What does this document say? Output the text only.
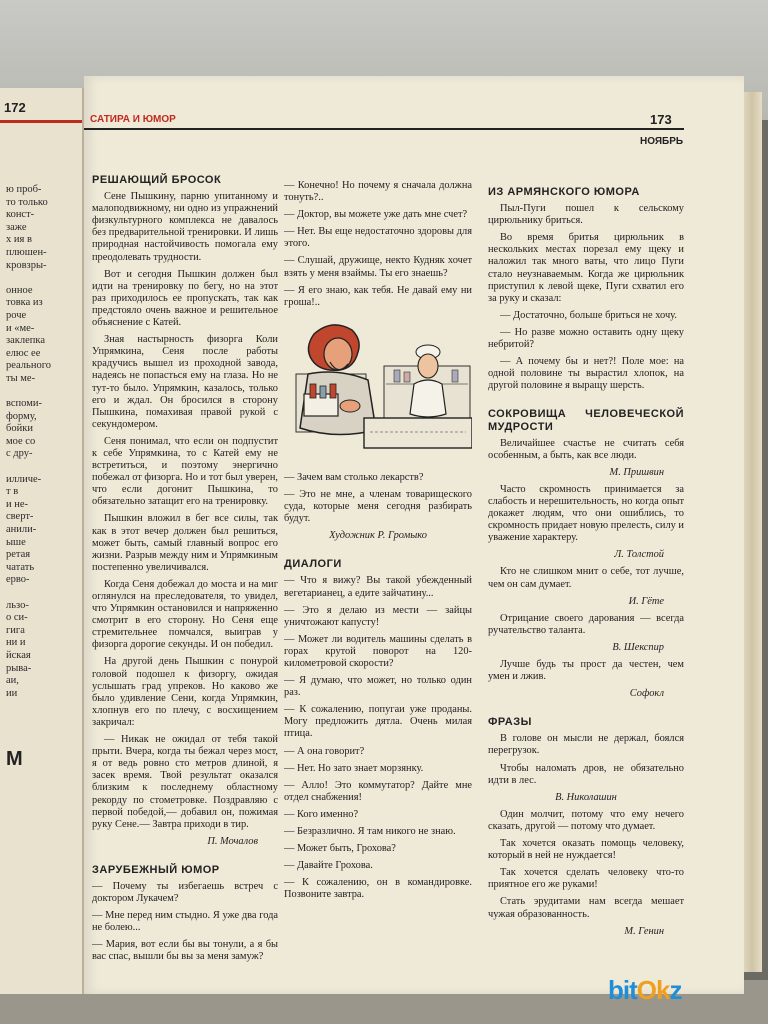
172
ю проб-
то только
конст-
заже
х ия в
плюшен-
кровзры-

онное
товка из
роче
и «ме-
заклепка
елюс ее
реального
ты ме-

вспоми-
форму,
бойки
мое со
с дру-

илличе-
т в
и не-
сверт-
анили-
ыше
ретая
чатать
ерво-

льзо-
о си-
гига
ни и
йская
рыва-
аи,
ии
М
САТИРА И ЮМОР	173
НОЯБРЬ

РЕШАЮЩИЙ БРОСОК

Сене Пышкину, парню упитанному и малоподвижному, ни одно из упражнений физкультурного комплекса не давалось без предварительной тренировки. И лишь природная настойчивость помогала ему преодолевать трудности.

Вот и сегодня Пышкин должен был идти на тренировку по бегу, но на этот раз приходилось ее пропускать, так как предстояло очень важное и решительное объяснение с Катей.

Зная настырность физорга Коли Упрямкина, Сеня после работы крадучись вышел из проходной завода, надеясь не попасться ему на глаза. Но не тут-то было. Упрямкин, казалось, только его и ждал. Он бросился в сторону Пышкина, помахивая правой рукой с секундомером.

Сеня понимал, что если он подпустит к себе Упрямкина, то с Катей ему не встретиться, и поэтому энергично побежал от физорга. Но и тот был уверен, что если догонит Пышкина, то обязательно затащит его на тренировку.

Пышкин вложил в бег все силы, так как в этот вечер должен был решиться, может быть, самый главный вопрос его жизни. Разрыв между ним и Упрямкиным постепенно увеличивался.

Когда Сеня добежал до моста и на миг оглянулся на преследователя, то увидел, что Упрямкин остановился и напряженно смотрит в его сторону. Но Сеня еще стремительнее помчался, выиграв у физорга дорогие секунды. И он победил.

На другой день Пышкин с понурой головой подошел к физоргу, ожидая услышать град упреков. Но каково же было удивление Сени, когда Упрямкин, хлопнув его по плечу, с восхищением закричал:

— Никак не ожидал от тебя такой прыти. Вчера, когда ты бежал через мост, я от ведь ровно сто метров длиной, я засек время. Твой результат оказался близким к последнему областному рекорду по стометровке. Поздравляю с первой победой,— добавил он, пожимая руку Сене.— Завтра приходи в тир.

П. Мочалов

ЗАРУБЕЖНЫЙ ЮМОР

— Почему ты избегаешь встреч с доктором Лукачем?

— Мне перед ним стыдно. Я уже два года не болею...

— Мария, вот если бы вы тонули, а я бы вас спас, вышли бы вы за меня замуж?

— Конечно! Но почему я сначала должна тонуть?..

— Доктор, вы можете уже дать мне счет?

— Нет. Вы еще недостаточно здоровы для этого.

— Слушай, дружище, некто Кудняк хочет взять у меня взаймы. Ты его знаешь?

— Я его знаю, как тебя. Не давай ему ни гроша!..

— Зачем вам столько лекарств?

— Это не мне, а членам товарищеского суда, которые меня сегодня разбирать будут.

Художник Р. Громыко

ДИАЛОГИ

— Что я вижу? Вы такой убежденный вегетарианец, а едите зайчатину...

— Это я делаю из мести — зайцы уничтожают капусту!

— Может ли водитель машины сделать в горах крутой поворот на 120-километровой скорости?

— Я думаю, что может, но только один раз.

— К сожалению, попугаи уже проданы. Могу предложить дятла. Очень милая птица.

— А она говорит?

— Нет. Но зато знает морзянку.

— Алло! Это коммутатор? Дайте мне отдел снабжения!

— Кого именно?

— Безразлично. Я там никого не знаю.

— Может быть, Грохова?

— Давайте Грохова.

— К сожалению, он в командировке. Позвоните завтра.

ИЗ АРМЯНСКОГО ЮМОРА

Пыл-Пуги пошел к сельскому цирюльнику бриться.

Во время бритья цирюльник в нескольких местах порезал ему щеку и наложил так много ваты, что лицо Пуги стало неузнаваемым. Когда же цирюльник приступил к левой щеке, Пуги схватил его за руку и сказал:

— Достаточно, больше бриться не хочу.

— Но разве можно оставить одну щеку небритой?

— А почему бы и нет?! Поле мое: на одной половине ты вырастил хлопок, на другой половине я выращу шерсть.

СОКРОВИЩА ЧЕЛОВЕЧЕСКОЙ МУДРОСТИ

Величайшее счастье не считать себя особенным, а быть, как все люди.

М. Пришвин

Часто скромность принимается за слабость и нерешительность, но когда опыт докажет людям, что они ошиблись, то скромность придает новую прелесть, силу и уважение характеру.

Л. Толстой

Кто не слишком мнит о себе, тот лучше, чем он сам думает.

И. Гёте

Отрицание своего дарования — всегда ручательство таланта.

В. Шекспир

Лучше будь ты прост да честен, чем умен и лжив.

Софокл

ФРАЗЫ

В голове он мысли не держал, боялся перегрузок.

Чтобы наломать дров, не обязательно идти в лес.

В. Николашин

Один молчит, потому что ему нечего сказать, другой — потому что думает.

Так хочется оказать помощь человеку, который в ней не нуждается!

Так хочется сделать человеку что-то приятное его же руками!

Стать эрудитами нам всегда мешает чужая образованность.

М. Генин

bitOkz
